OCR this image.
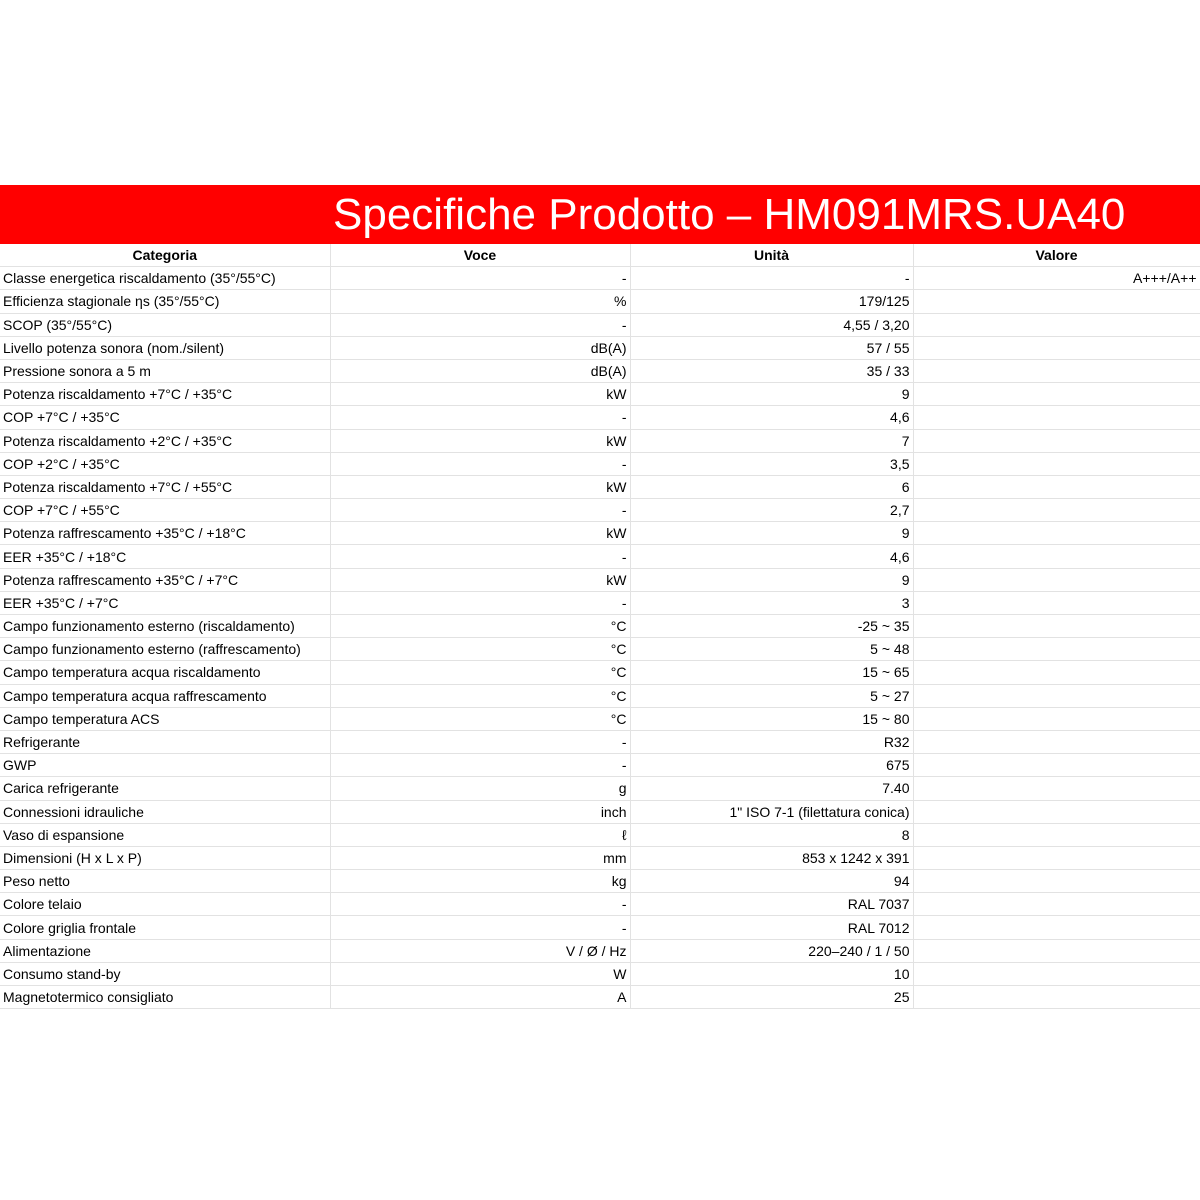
Specifiche Prodotto – HM091MRS.UA40
Categoria	Voce	Unità	Valore
Classe energetica riscaldamento (35°/55°C)	-	-	A+++/A++
Efficienza stagionale ηs (35°/55°C)	%	179/125	
SCOP (35°/55°C)	-	4,55 / 3,20	
Livello potenza sonora (nom./silent)	dB(A)	57 / 55	
Pressione sonora a 5 m	dB(A)	35 / 33	
Potenza riscaldamento +7°C / +35°C	kW	9	
COP +7°C / +35°C	-	4,6	
Potenza riscaldamento +2°C / +35°C	kW	7	
COP +2°C / +35°C	-	3,5	
Potenza riscaldamento +7°C / +55°C	kW	6	
COP +7°C / +55°C	-	2,7	
Potenza raffrescamento +35°C / +18°C	kW	9	
EER +35°C / +18°C	-	4,6	
Potenza raffrescamento +35°C / +7°C	kW	9	
EER +35°C / +7°C	-	3	
Campo funzionamento esterno (riscaldamento)	°C	-25 ~ 35	
Campo funzionamento esterno (raffrescamento)	°C	5 ~ 48	
Campo temperatura acqua riscaldamento	°C	15 ~ 65	
Campo temperatura acqua raffrescamento	°C	5 ~ 27	
Campo temperatura ACS	°C	15 ~ 80	
Refrigerante	-	R32	
GWP	-	675	
Carica refrigerante	g	7.40	
Connessioni idrauliche	inch	1" ISO 7-1 (filettatura conica)	
Vaso di espansione	ℓ	8	
Dimensioni (H x L x P)	mm	853 x 1242 x 391	
Peso netto	kg	94	
Colore telaio	-	RAL 7037	
Colore griglia frontale	-	RAL 7012	
Alimentazione	V / Ø / Hz	220–240 / 1 / 50	
Consumo stand-by	W	10	
Magnetotermico consigliato	A	25	
